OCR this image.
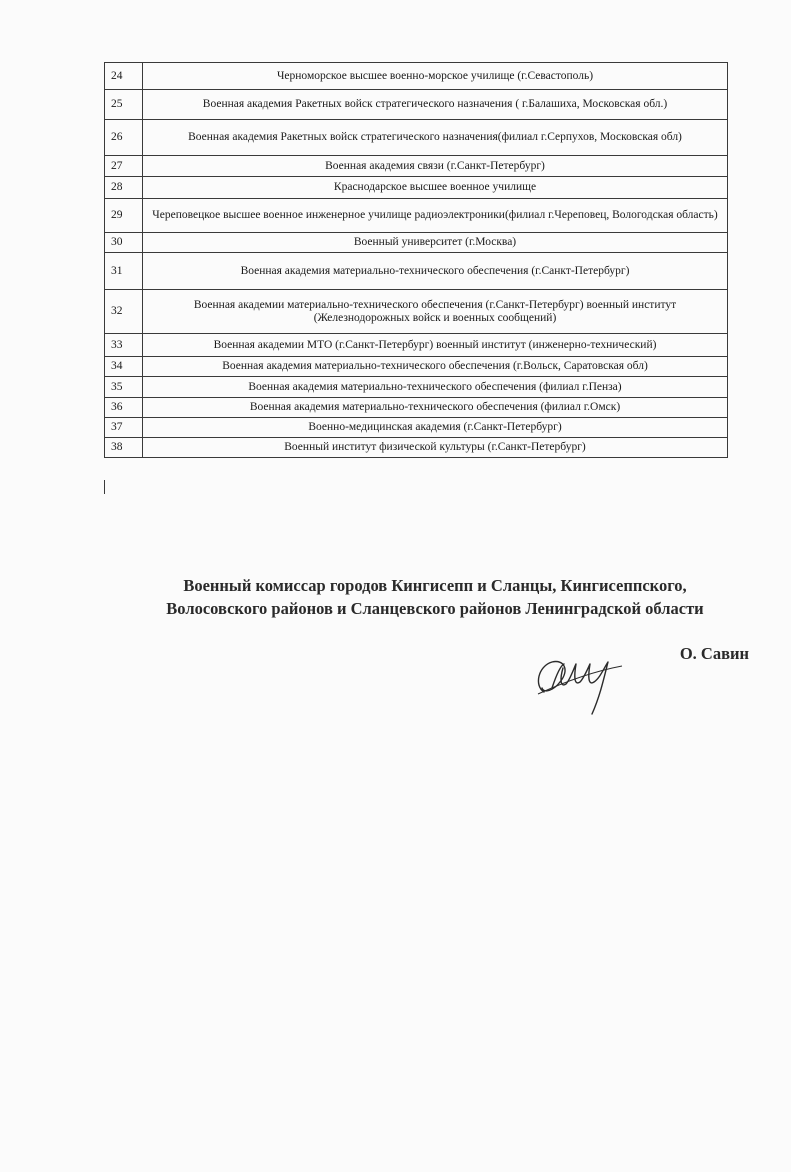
24	Черноморское высшее военно-морское училище (г.Севастополь)
25	Военная академия Ракетных войск стратегического назначения ( г.Балашиха, Московская обл.)
26	Военная академия Ракетных войск стратегического назначения(филиал г.Серпухов, Московская обл)
27	Военная академия связи (г.Санкт-Петербург)
28	Краснодарское высшее военное училище
29	Череповецкое высшее военное инженерное училище радиоэлектроники(филиал г.Череповец, Вологодская область)
30	Военный университет (г.Москва)
31	Военная академия материально-технического обеспечения (г.Санкт-Петербург)
32	Военная академии материально-технического обеспечения (г.Санкт-Петербург) военный институт (Железнодорожных войск и военных сообщений)
33	Военная академии МТО (г.Санкт-Петербург) военный институт (инженерно-технический)
34	Военная академия материально-технического обеспечения (г.Вольск, Саратовская обл)
35	Военная академия материально-технического обеспечения (филиал г.Пенза)
36	Военная академия материально-технического обеспечения (филиал г.Омск)
37	Военно-медицинская академия (г.Санкт-Петербург)
38	Военный институт физической культуры (г.Санкт-Петербург)
Военный комиссар городов Кингисепп и Сланцы, Кингисеппского,
Волосовского районов и Сланцевского районов Ленинградской области
О. Савин
